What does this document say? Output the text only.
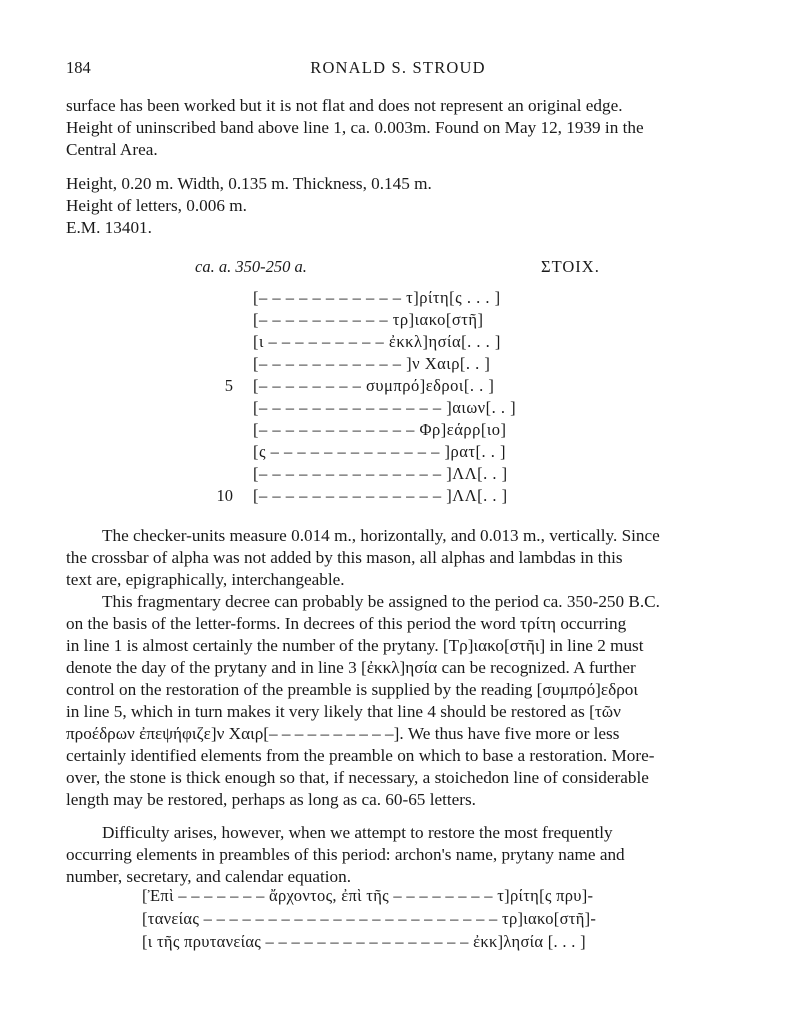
184	RONALD S. STROUD
surface has been worked but it is not flat and does not represent an original edge.
Height of uninscribed band above line 1, ca. 0.003m. Found on May 12, 1939 in the
Central Area.
Height, 0.20 m. Width, 0.135 m. Thickness, 0.145 m.
Height of letters, 0.006 m.
E.M. 13401.
ca. a. 350-250 a.	ΣΤΟΙΧ.
[– – – – – – – – – – – τ]ρίτη[ς . . . ]
[– – – – – – – – – – τρ]ιακο[στῆ]
[ι – – – – – – – – – ἐκκλ]ησία[. . . ]
[– – – – – – – – – – – ]ν Χαιρ[. . ]
5 [– – – – – – – – συμπρό]εδροι[. . ]
[– – – – – – – – – – – – – – ]αιων[. . ]
[– – – – – – – – – – – – Φρ]εάρρ[ιο]
[ς – – – – – – – – – – – – – ]ρατ[. . ]
[– – – – – – – – – – – – – – ]ΛΛ[. . ]
10 [– – – – – – – – – – – – – – ]ΛΛ[. . ]
The checker-units measure 0.014 m., horizontally, and 0.013 m., vertically. Since
the crossbar of alpha was not added by this mason, all alphas and lambdas in this
text are, epigraphically, interchangeable.
This fragmentary decree can probably be assigned to the period ca. 350-250 B.C.
on the basis of the letter-forms. In decrees of this period the word τρίτη occurring
in line 1 is almost certainly the number of the prytany. [Τρ]ιακο[στῆι] in line 2 must
denote the day of the prytany and in line 3 [ἐκκλ]ησία can be recognized. A further
control on the restoration of the preamble is supplied by the reading [συμπρό]εδροι
in line 5, which in turn makes it very likely that line 4 should be restored as [τῶν
προέδρων ἐπεψήφιζε]ν Χαιρ[– – – – – – – – – –]. We thus have five more or less
certainly identified elements from the preamble on which to base a restoration. More-
over, the stone is thick enough so that, if necessary, a stoichedon line of considerable
length may be restored, perhaps as long as ca. 60-65 letters.
Difficulty arises, however, when we attempt to restore the most frequently
occurring elements in preambles of this period: archon's name, prytany name and
number, secretary, and calendar equation.
[Ἐπὶ – – – – – – – ἄρχοντος, ἐπὶ τῆς – – – – – – – – τ]ρίτη[ς πρυ]-
[τανείας – – – – – – – – – – – – – – – – – – – – – – – τρ]ιακο[στῆ]-
[ι τῆς πρυτανείας – – – – – – – – – – – – – – – – ἐκκ]λησία [. . . ]
